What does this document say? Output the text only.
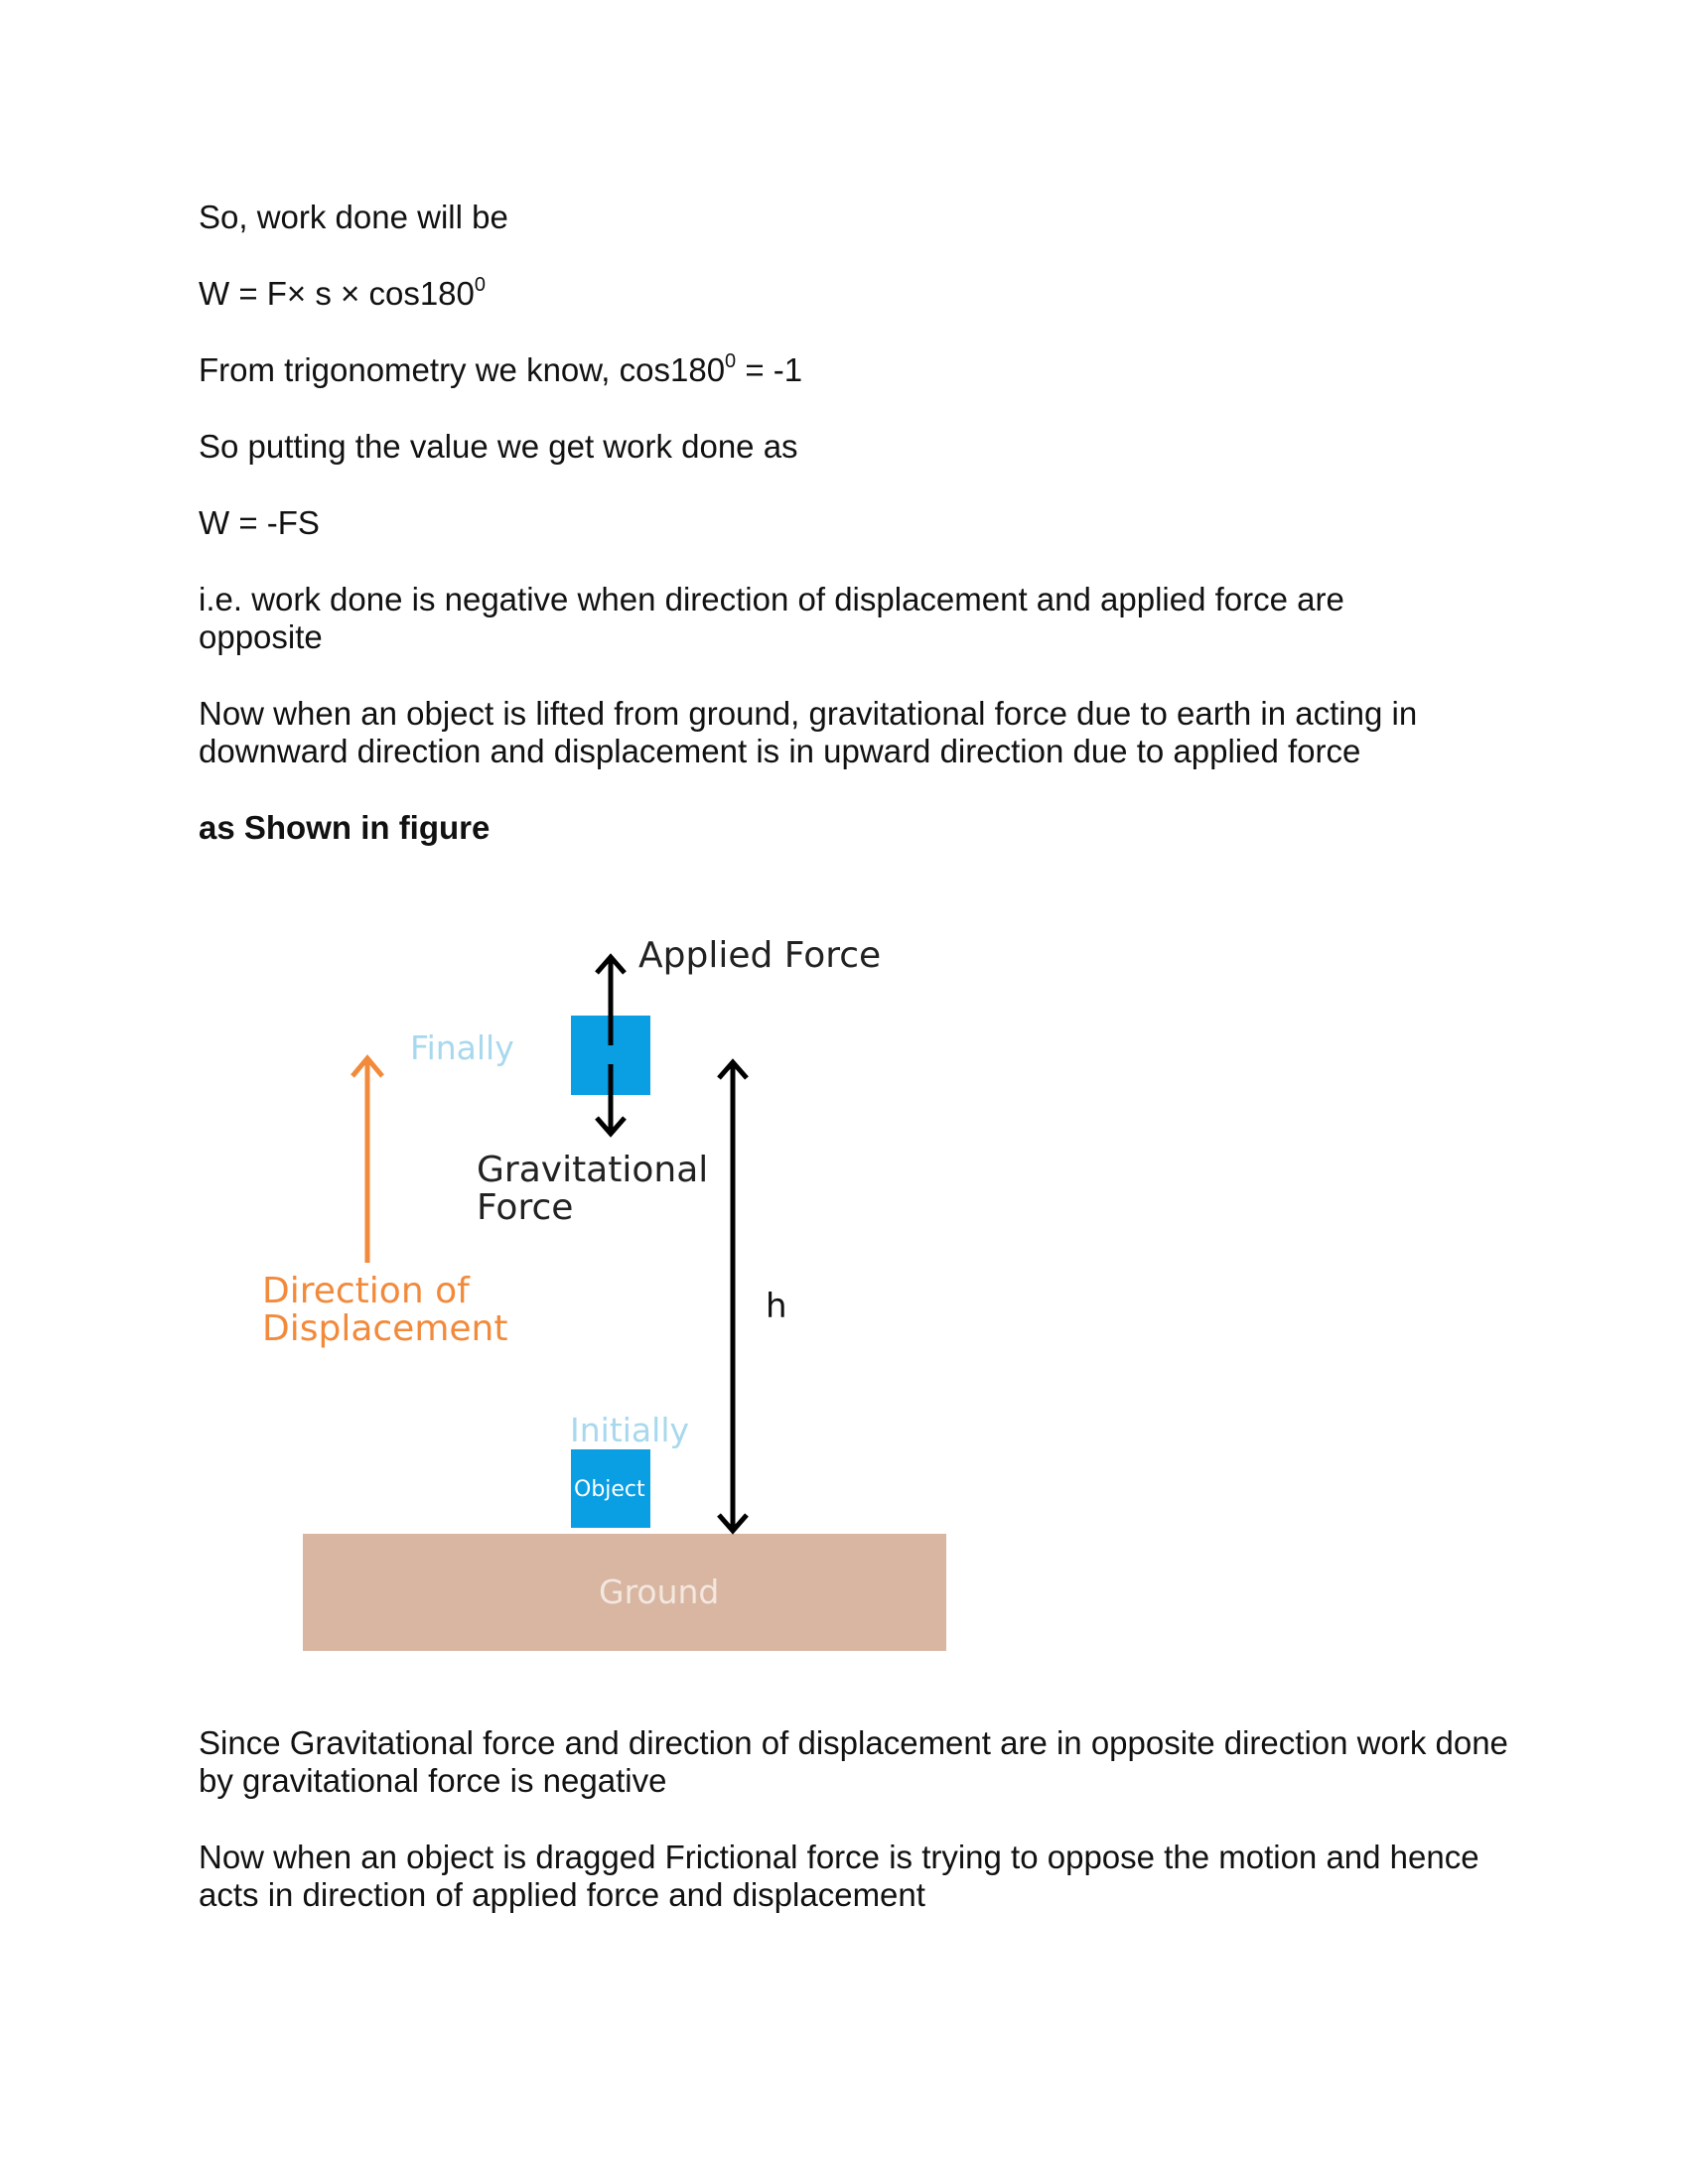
So, work done will be

$W = F\times s \times \cos 180^0$

From trigonometry we know, $\cos 180^0 = -1$

So putting the value we get work done as

W = -FS

i.e. work done is negative when direction of displacement and applied force are opposite

Now when an object is lifted from ground, gravitational force due to earth in acting in downward direction and displacement is in upward direction due to applied force

as Shown in figure

Applied Force
Finally
Gravitational
Force
Direction of
Displacement
h
Initially
Object
Ground

Since Gravitational force and direction of displacement are in opposite direction work done by gravitational force is negative

Now when an object is dragged Frictional force is trying to oppose the motion and hence acts in direction of applied force and displacement
